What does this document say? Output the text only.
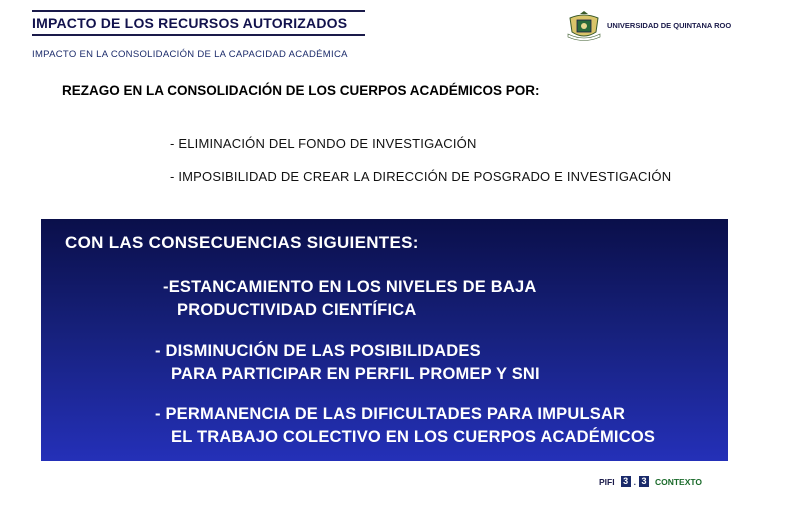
IMPACTO DE LOS RECURSOS AUTORIZADOS
IMPACTO EN LA CONSOLIDACIÓN DE LA CAPACIDAD ACADÉMICA
UNIVERSIDAD DE QUINTANA ROO
REZAGO EN LA CONSOLIDACIÓN DE LOS CUERPOS ACADÉMICOS POR:
- ELIMINACIÓN DEL FONDO DE INVESTIGACIÓN
- IMPOSIBILIDAD DE CREAR LA DIRECCIÓN DE POSGRADO E INVESTIGACIÓN
CON LAS CONSECUENCIAS SIGUIENTES:
-ESTANCAMIENTO EN LOS NIVELES DE BAJA
PRODUCTIVIDAD CIENTÍFICA
- DISMINUCIÓN DE LAS POSIBILIDADES
PARA PARTICIPAR EN PERFIL PROMEP Y SNI
- PERMANENCIA DE LAS DIFICULTADES PARA IMPULSAR
EL TRABAJO COLECTIVO EN LOS CUERPOS ACADÉMICOS
PIFI 3 . 3 CONTEXTO
